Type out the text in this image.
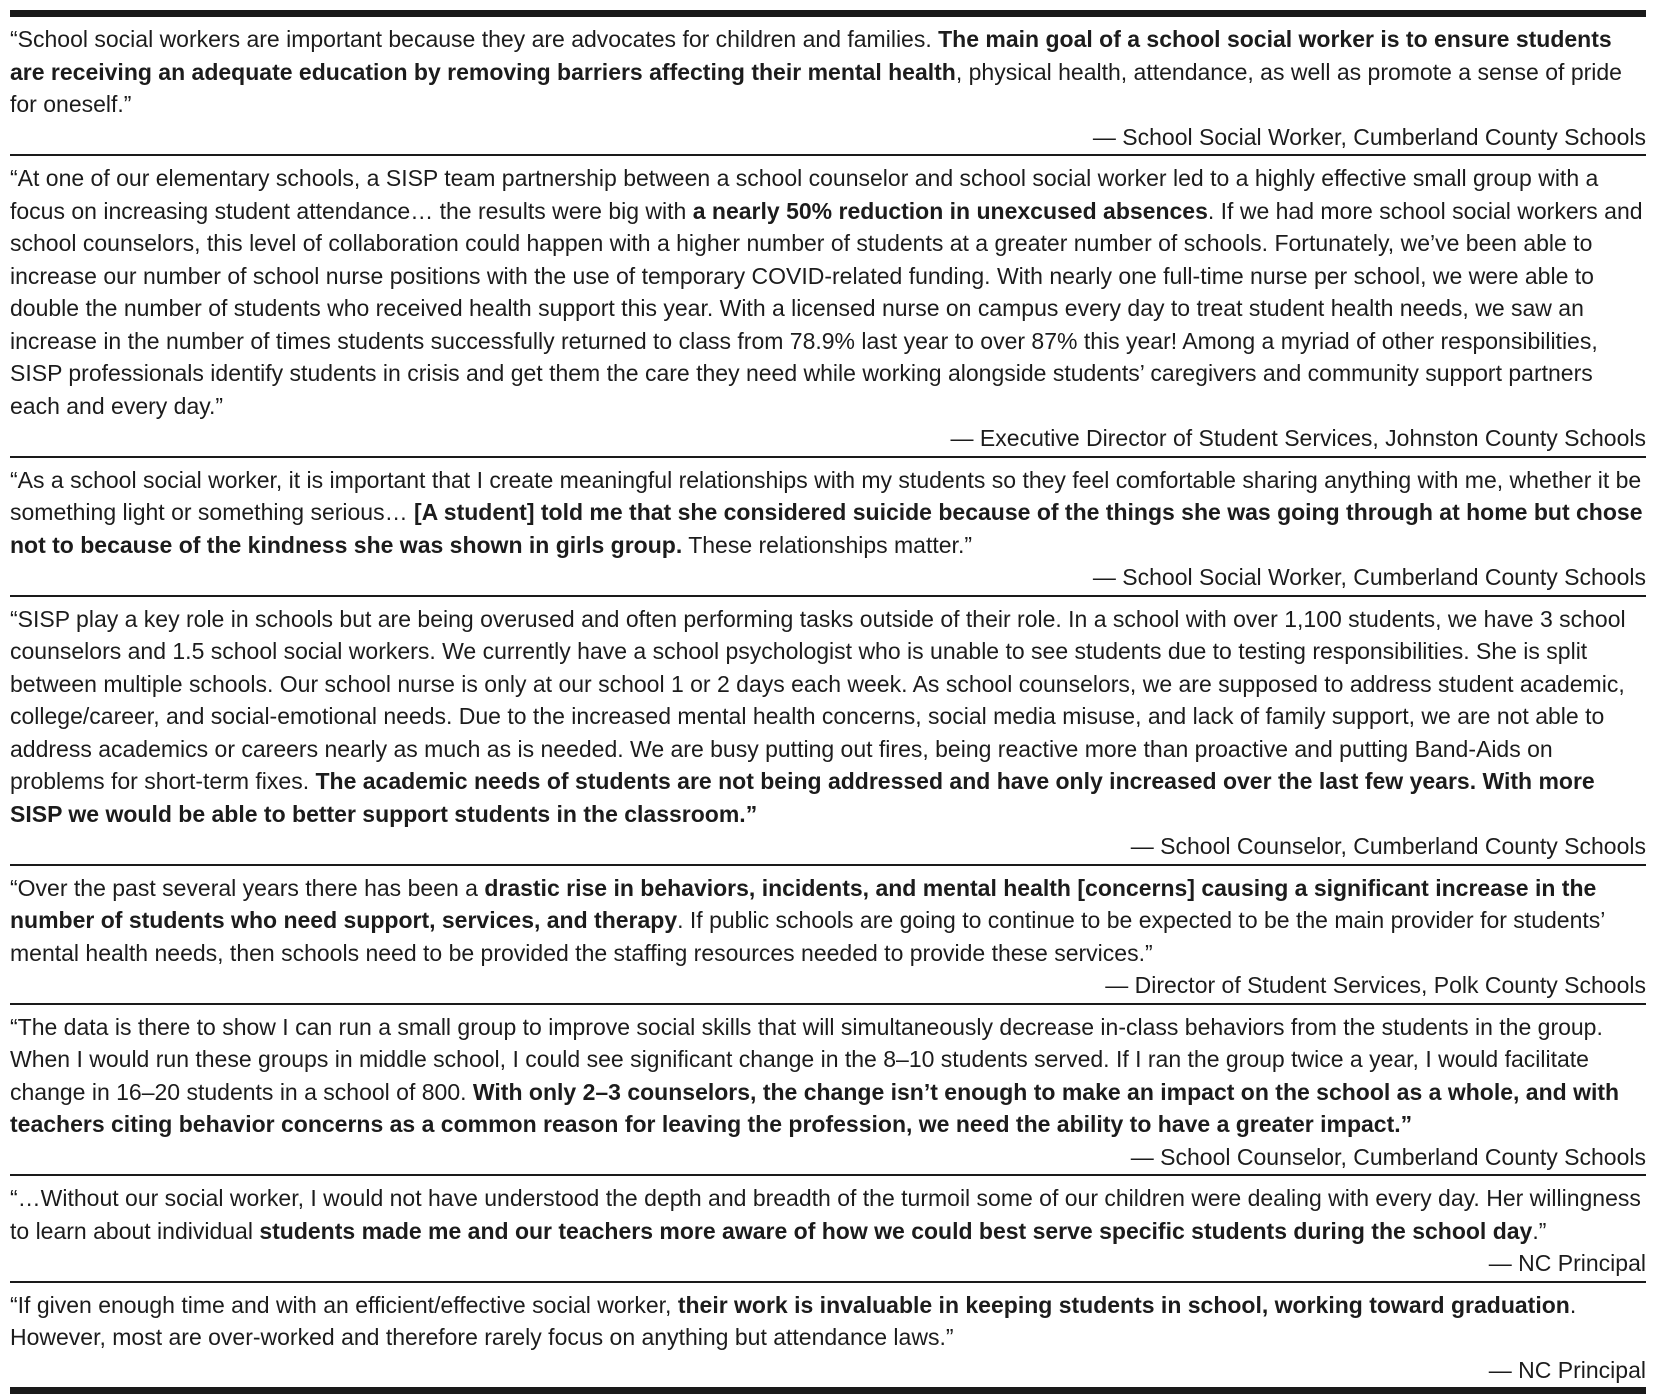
“School social workers are important because they are advocates for children and families. The main goal of a school social worker is to ensure students are receiving an adequate education by removing barriers affecting their mental health, physical health, attendance, as well as promote a sense of pride for oneself.”

— School Social Worker, Cumberland County Schools

“At one of our elementary schools, a SISP team partnership between a school counselor and school social worker led to a highly effective small group with a focus on increasing student attendance… the results were big with a nearly 50% reduction in unexcused absences. If we had more school social workers and school counselors, this level of collaboration could happen with a higher number of students at a greater number of schools. Fortunately, we’ve been able to increase our number of school nurse positions with the use of temporary COVID-related funding. With nearly one full-time nurse per school, we were able to double the number of students who received health support this year. With a licensed nurse on campus every day to treat student health needs, we saw an increase in the number of times students successfully returned to class from 78.9% last year to over 87% this year! Among a myriad of other responsibilities, SISP professionals identify students in crisis and get them the care they need while working alongside students’ caregivers and community support partners each and every day.”

— Executive Director of Student Services, Johnston County Schools

“As a school social worker, it is important that I create meaningful relationships with my students so they feel comfortable sharing anything with me, whether it be something light or something serious… [A student] told me that she considered suicide because of the things she was going through at home but chose not to because of the kindness she was shown in girls group. These relationships matter.”

— School Social Worker, Cumberland County Schools

“SISP play a key role in schools but are being overused and often performing tasks outside of their role. In a school with over 1,100 students, we have 3 school counselors and 1.5 school social workers. We currently have a school psychologist who is unable to see students due to testing responsibilities. She is split between multiple schools. Our school nurse is only at our school 1 or 2 days each week. As school counselors, we are supposed to address student academic, college/career, and social-emotional needs. Due to the increased mental health concerns, social media misuse, and lack of family support, we are not able to address academics or careers nearly as much as is needed. We are busy putting out fires, being reactive more than proactive and putting Band-Aids on problems for short-term fixes. The academic needs of students are not being addressed and have only increased over the last few years. With more SISP we would be able to better support students in the classroom.”

— School Counselor, Cumberland County Schools

“Over the past several years there has been a drastic rise in behaviors, incidents, and mental health [concerns] causing a significant increase in the number of students who need support, services, and therapy. If public schools are going to continue to be expected to be the main provider for students’ mental health needs, then schools need to be provided the staffing resources needed to provide these services.”

— Director of Student Services, Polk County Schools

“The data is there to show I can run a small group to improve social skills that will simultaneously decrease in-class behaviors from the students in the group. When I would run these groups in middle school, I could see significant change in the 8–10 students served. If I ran the group twice a year, I would facilitate change in 16–20 students in a school of 800. With only 2–3 counselors, the change isn’t enough to make an impact on the school as a whole, and with teachers citing behavior concerns as a common reason for leaving the profession, we need the ability to have a greater impact.”

— School Counselor, Cumberland County Schools

“…Without our social worker, I would not have understood the depth and breadth of the turmoil some of our children were dealing with every day. Her willingness to learn about individual students made me and our teachers more aware of how we could best serve specific students during the school day.”

— NC Principal

“If given enough time and with an efficient/effective social worker, their work is invaluable in keeping students in school, working toward graduation. However, most are over-worked and therefore rarely focus on anything but attendance laws.”

— NC Principal
